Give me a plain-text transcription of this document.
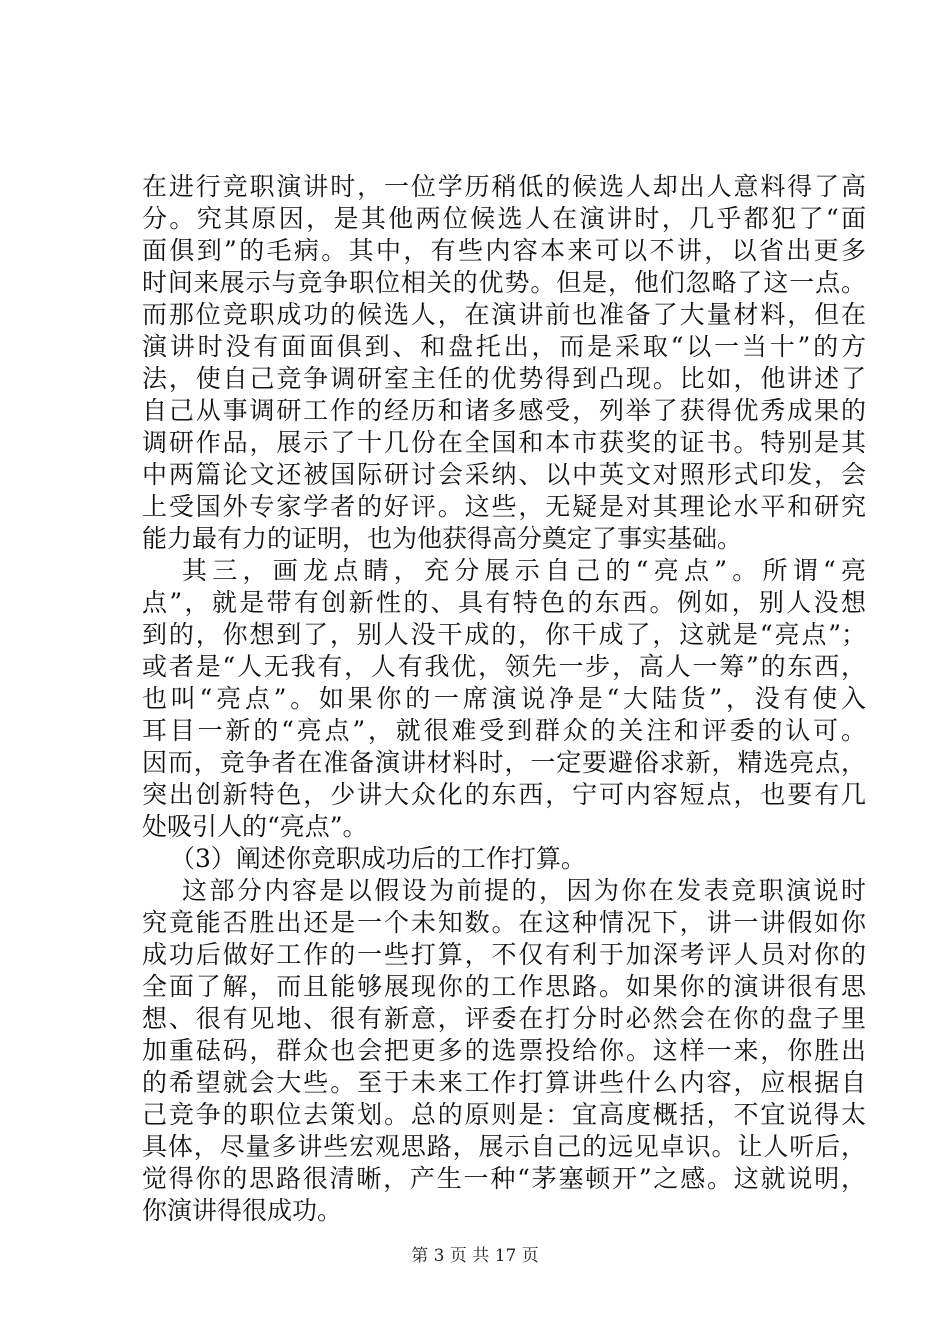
在进行竞职演讲时，一位学历稍低的候选人却出人意料得了高
分。究其原因，是其他两位候选人在演讲时，几乎都犯了“面
面俱到”的毛病。其中，有些内容本来可以不讲，以省出更多
时间来展示与竞争职位相关的优势。但是，他们忽略了这一点。
而那位竞职成功的候选人，在演讲前也准备了大量材料，但在
演讲时没有面面俱到、和盘托出，而是采取“以一当十”的方
法，使自己竞争调研室主任的优势得到凸现。比如，他讲述了
自己从事调研工作的经历和诸多感受，列举了获得优秀成果的
调研作品，展示了十几份在全国和本市获奖的证书。特别是其
中两篇论文还被国际研讨会采纳、以中英文对照形式印发，会
上受国外专家学者的好评。这些，无疑是对其理论水平和研究
能力最有力的证明，也为他获得高分奠定了事实基础。
其三，画龙点睛，充分展示自己的“亮点”。所谓“亮
点”，就是带有创新性的、具有特色的东西。例如，别人没想
到的，你想到了，别人没干成的，你干成了，这就是“亮点”；
或者是“人无我有，人有我优，领先一步，高人一筹”的东西，
也叫“亮点”。如果你的一席演说净是“大陆货”，没有使入
耳目一新的“亮点”，就很难受到群众的关注和评委的认可。
因而，竞争者在准备演讲材料时，一定要避俗求新，精选亮点，
突出创新特色，少讲大众化的东西，宁可内容短点，也要有几
处吸引人的“亮点”。
（3）阐述你竞职成功后的工作打算。
这部分内容是以假设为前提的，因为你在发表竞职演说时
究竟能否胜出还是一个未知数。在这种情况下，讲一讲假如你
成功后做好工作的一些打算，不仅有利于加深考评人员对你的
全面了解，而且能够展现你的工作思路。如果你的演讲很有思
想、很有见地、很有新意，评委在打分时必然会在你的盘子里
加重砝码，群众也会把更多的选票投给你。这样一来，你胜出
的希望就会大些。至于未来工作打算讲些什么内容，应根据自
己竞争的职位去策划。总的原则是：宜高度概括，不宜说得太
具体，尽量多讲些宏观思路，展示自己的远见卓识。让人听后，
觉得你的思路很清晰，产生一种“茅塞顿开”之感。这就说明，
你演讲得很成功。
第 3 页 共 17 页
